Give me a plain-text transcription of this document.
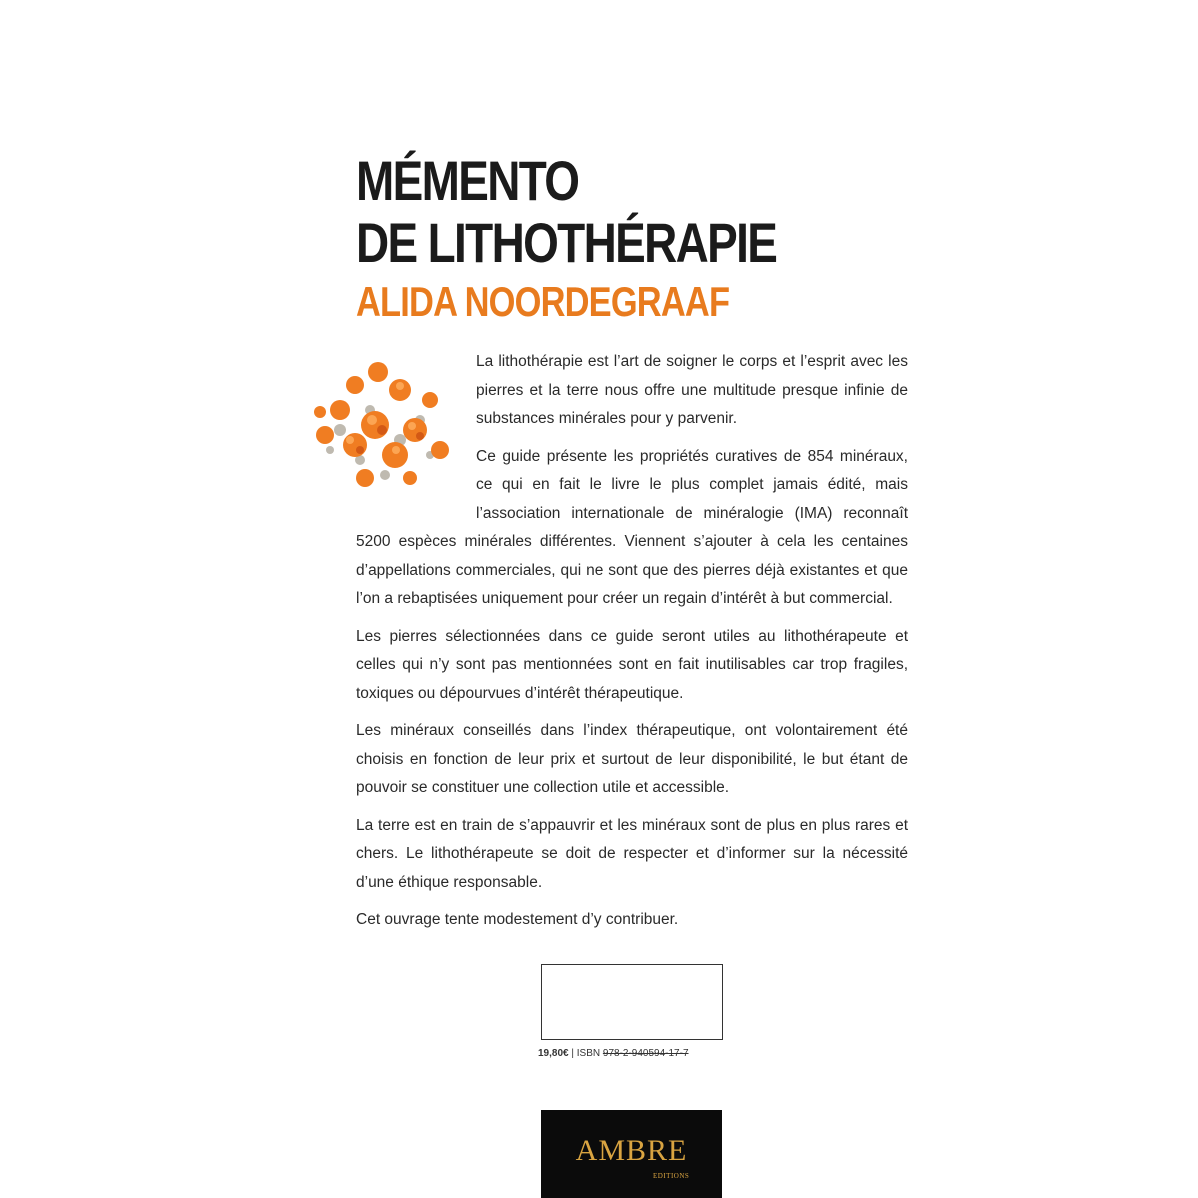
MÉMENTO
DE LITHOTHÉRAPIE
ALIDA NOORDEGRAAF

La lithothérapie est l’art de soigner le corps et l’esprit avec les pierres et la terre nous offre une multitude presque infinie de substances minérales pour y parvenir.

Ce guide présente les propriétés curatives de 854 minéraux, ce qui en fait le livre le plus complet jamais édité, mais l’association internationale de minéralogie (IMA) reconnaît 5200 espèces minérales différentes. Viennent s’ajouter à cela les centaines d’appellations commerciales, qui ne sont que des pierres déjà existantes et que l’on a rebaptisées uniquement pour créer un regain d’intérêt à but commercial.

Les pierres sélectionnées dans ce guide seront utiles au lithothérapeute et celles qui n’y sont pas mentionnées sont en fait inutilisables car trop fragiles, toxiques ou dépourvues d’intérêt thérapeutique.

Les minéraux conseillés dans l’index thérapeutique, ont volontairement été choisis en fonction de leur prix et surtout de leur disponibilité, le but étant de pouvoir se constituer une collection utile et accessible.

La terre est en train de s’appauvrir et les minéraux sont de plus en plus rares et chers. Le lithothérapeute se doit de respecter et d’informer sur la nécessité d’une éthique responsable.

Cet ouvrage tente modestement d’y contribuer.

19,80€ | ISBN 978-2-940594-17-7
AMBRE
EDITIONS
